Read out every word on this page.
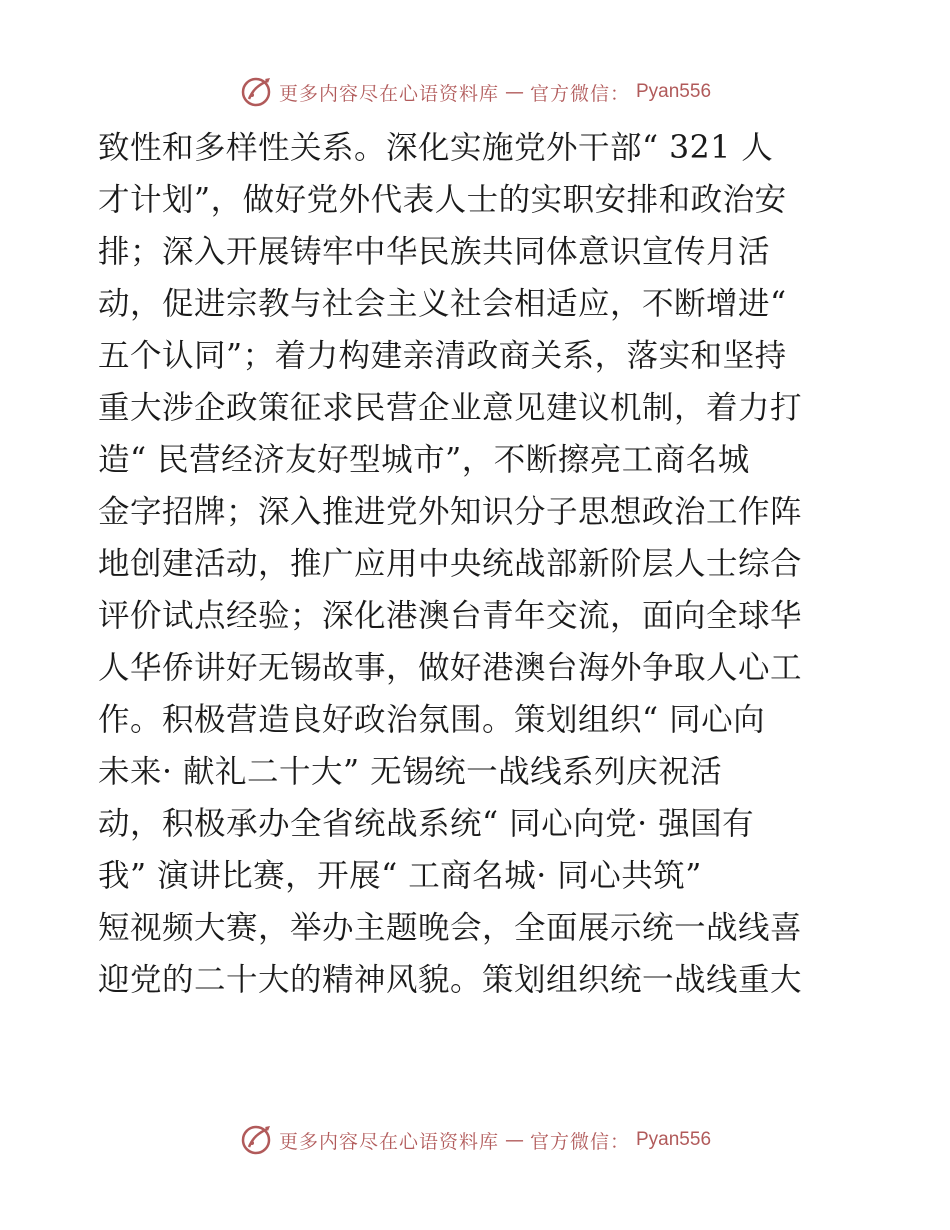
更多内容尽在心语资料库 — 官方微信： Pyan556
致性和多样性关系。深化实施党外干部“ 321 人
才计划”，做好党外代表人士的实职安排和政治安
排；深入开展铸牢中华民族共同体意识宣传月活
动，促进宗教与社会主义社会相适应，不断增进“
五个认同”；着力构建亲清政商关系，落实和坚持
重大涉企政策征求民营企业意见建议机制，着力打
造“ 民营经济友好型城市”，不断擦亮工商名城
金字招牌；深入推进党外知识分子思想政治工作阵
地创建活动，推广应用中央统战部新阶层人士综合
评价试点经验；深化港澳台青年交流，面向全球华
人华侨讲好无锡故事，做好港澳台海外争取人心工
作。积极营造良好政治氛围。策划组织“ 同心向
未来· 献礼二十大” 无锡统一战线系列庆祝活
动，积极承办全省统战系统“ 同心向党· 强国有
我” 演讲比赛，开展“ 工商名城· 同心共筑”
短视频大赛，举办主题晚会，全面展示统一战线喜
迎党的二十大的精神风貌。策划组织统一战线重大
更多内容尽在心语资料库 — 官方微信： Pyan556
